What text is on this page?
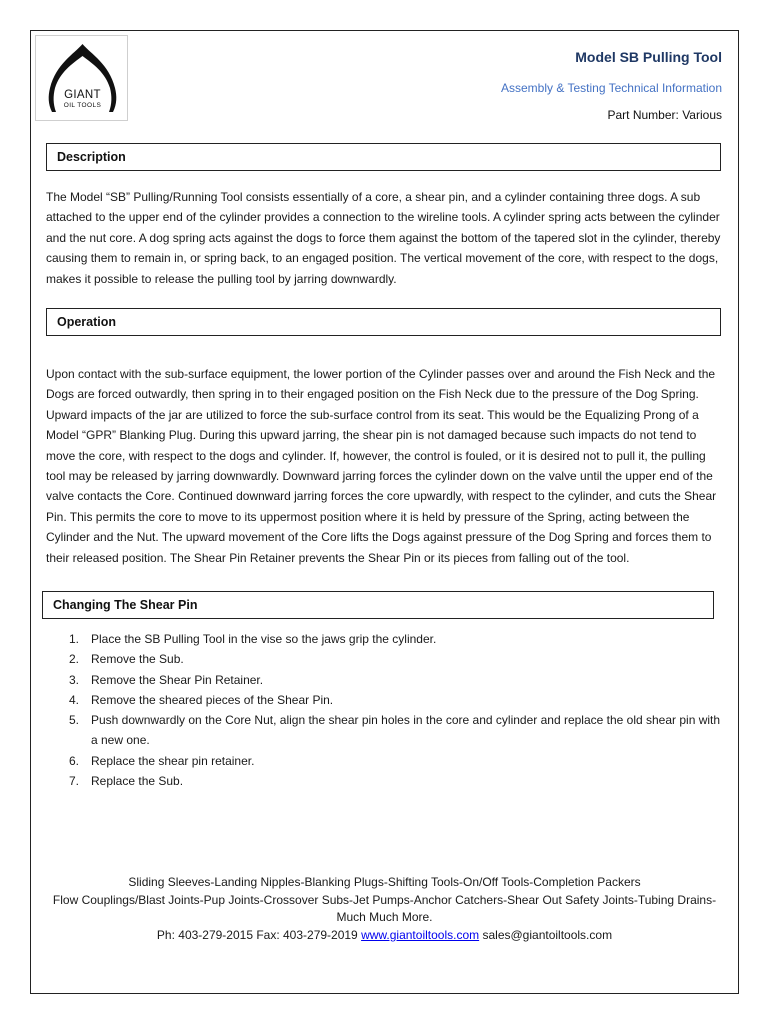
GIANT
OIL TOOLS
Model SB Pulling Tool
Assembly & Testing Technical Information
Part Number: Various
Description
The Model “SB” Pulling/Running Tool consists essentially of a core, a shear pin, and a cylinder containing three dogs. A sub attached to the upper end of the cylinder provides a connection to the wireline tools. A cylinder spring acts between the cylinder and the nut core. A dog spring acts against the dogs to force them against the bottom of the tapered slot in the cylinder, thereby causing them to remain in, or spring back, to an engaged position. The vertical movement of the core, with respect to the dogs, makes it possible to release the pulling tool by jarring downwardly.
Operation
Upon contact with the sub-surface equipment, the lower portion of the Cylinder passes over and around the Fish Neck and the Dogs are forced outwardly, then spring in to their engaged position on the Fish Neck due to the pressure of the Dog Spring. Upward impacts of the jar are utilized to force the sub-surface control from its seat. This would be the Equalizing Prong of a Model “GPR” Blanking Plug. During this upward jarring, the shear pin is not damaged because such impacts do not tend to move the core, with respect to the dogs and cylinder. If, however, the control is fouled, or it is desired not to pull it, the pulling tool may be released by jarring downwardly. Downward jarring forces the cylinder down on the valve until the upper end of the valve contacts the Core. Continued downward jarring forces the core upwardly, with respect to the cylinder, and cuts the Shear Pin. This permits the core to move to its uppermost position where it is held by pressure of the Spring, acting between the Cylinder and the Nut. The upward movement of the Core lifts the Dogs against pressure of the Dog Spring and forces them to their released position. The Shear Pin Retainer prevents the Shear Pin or its pieces from falling out of the tool.
Changing The Shear Pin
1. Place the SB Pulling Tool in the vise so the jaws grip the cylinder.
2. Remove the Sub.
3. Remove the Shear Pin Retainer.
4. Remove the sheared pieces of the Shear Pin.
5. Push downwardly on the Core Nut, align the shear pin holes in the core and cylinder and replace the old shear pin with a new one.
6. Replace the shear pin retainer.
7. Replace the Sub.
Sliding Sleeves-Landing Nipples-Blanking Plugs-Shifting Tools-On/Off Tools-Completion Packers
Flow Couplings/Blast Joints-Pup Joints-Crossover Subs-Jet Pumps-Anchor Catchers-Shear Out Safety Joints-Tubing Drains-
Much Much More.
Ph: 403-279-2015 Fax: 403-279-2019 www.giantoiltools.com sales@giantoiltools.com
